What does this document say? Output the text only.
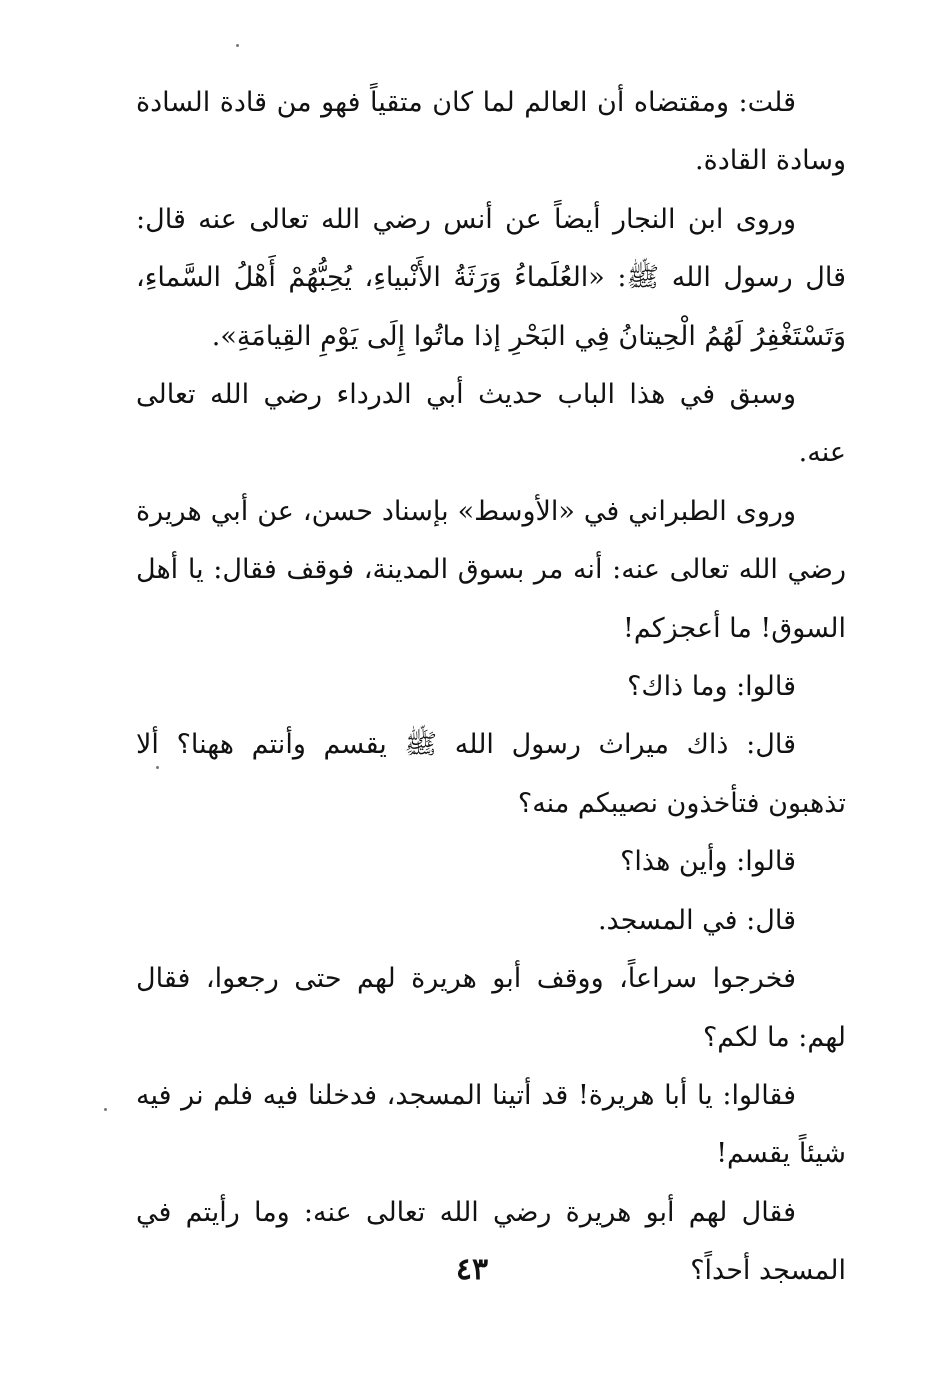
قلت: ومقتضاه أن العالم لما كان متقياً فهو من قادة السادة وسادة القادة.

وروى ابن النجار أيضاً عن أنس رضي الله تعالى عنه قال: قال رسول الله ﷺ: «العُلَماءُ وَرَثَةُ الأَنْبياءِ، يُحِبُّهُمْ أَهْلُ السَّماءِ، وَتَسْتَغْفِرُ لَهُمُ الْحِيتانُ فِي البَحْرِ إذا ماتُوا إِلَى يَوْمِ القِيامَةِ».

وسبق في هذا الباب حديث أبي الدرداء رضي الله تعالى عنه.

وروى الطبراني في «الأوسط» بإسناد حسن، عن أبي هريرة رضي الله تعالى عنه: أنه مر بسوق المدينة، فوقف فقال: يا أهل السوق! ما أعجزكم!

قالوا: وما ذاك؟

قال: ذاك ميراث رسول الله ﷺ يقسم وأنتم ههنا؟ ألا تذهبون فتأخذون نصيبكم منه؟

قالوا: وأين هذا؟

قال: في المسجد.

فخرجوا سراعاً، ووقف أبو هريرة لهم حتى رجعوا، فقال لهم: ما لكم؟

فقالوا: يا أبا هريرة! قد أتينا المسجد، فدخلنا فيه فلم نر فيه شيئاً يقسم!

فقال لهم أبو هريرة رضي الله تعالى عنه: وما رأيتم في المسجد أحداً؟

٤٣
